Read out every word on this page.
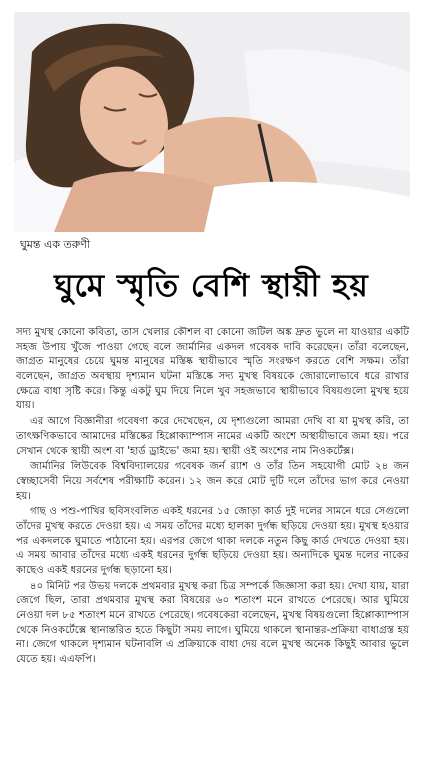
ঘুমন্ত এক তরুণী
ঘুমে স্মৃতি বেশি স্থায়ী হয়

সদ্য মুখস্থ কোনো কবিতা, তাস খেলার কৌশল বা কোনো জটিল অঙ্ক দ্রুত ভুলে না যাওয়ার একটি সহজ উপায় খুঁজে পাওয়া গেছে বলে জার্মানির একদল গবেষক দাবি করেছেন। তাঁরা বলেছেন, জাগ্রত মানুষের চেয়ে ঘুমন্ত মানুষের মস্তিষ্ক স্থায়ীভাবে স্মৃতি সংরক্ষণ করতে বেশি সক্ষম। তাঁরা বলেছেন, জাগ্রত অবস্থায় দৃশ্যমান ঘটনা মস্তিষ্কে সদ্য মুখস্থ বিষয়কে জোরালোভাবে ধরে রাখার ক্ষেত্রে বাধা সৃষ্টি করে। কিন্তু একটু ঘুম দিয়ে নিলে খুব সহজভাবে স্থায়ীভাবে বিষয়গুলো মুখস্থ হয়ে যায়।

এর আগে বিজ্ঞানীরা গবেষণা করে দেখেছেন, যে দৃশ্যগুলো আমরা দেখি বা যা মুখস্থ করি, তা তাৎক্ষণিকভাবে আমাদের মস্তিষ্কের হিপ্পোক্যাম্পাস নামের একটি অংশে অস্থায়ীভাবে জমা হয়। পরে সেখান থেকে স্থায়ী অংশ বা 'হার্ড ড্রাইভে' জমা হয়। স্থায়ী ওই অংশের নাম নিওকর্টেক্স।

জার্মানির লিউবেক বিশ্ববিদ্যালয়ের গবেষক জর্ন র‍্যাশ ও তাঁর তিন সহযোগী মোট ২৪ জন স্বেচ্ছাসেবী নিয়ে সর্বশেষ পরীক্ষাটি করেন। ১২ জন করে মোট দুটি দলে তাঁদের ভাগ করে নেওয়া হয়।

গাছ ও পশু-পাখির ছবিসংবলিত একই ধরনের ১৫ জোড়া কার্ড দুই দলের সামনে ধরে সেগুলো তাঁদের মুখস্থ করতে দেওয়া হয়। এ সময় তাঁদের মধ্যে হালকা দুর্গন্ধ ছড়িয়ে দেওয়া হয়। মুখস্থ হওয়ার পর একদলকে ঘুমাতে পাঠানো হয়। এরপর জেগে থাকা দলকে নতুন কিছু কার্ড দেখতে দেওয়া হয়। এ সময় আবার তাঁদের মধ্যে একই ধরনের দুর্গন্ধ ছড়িয়ে দেওয়া হয়। অন্যদিকে ঘুমন্ত দলের নাকের কাছেও একই ধরনের দুর্গন্ধ ছড়ানো হয়।

৪০ মিনিট পর উভয় দলকে প্রথমবার মুখস্থ করা চিত্র সম্পর্কে জিজ্ঞাসা করা হয়। দেখা যায়, যারা জেগে ছিল, তারা প্রথমবার মুখস্থ করা বিষয়ের ৬০ শতাংশ মনে রাখতে পেরেছে। আর ঘুমিয়ে নেওয়া দল ৮৫ শতাংশ মনে রাখতে পেরেছে। গবেষকেরা বলেছেন, মুখস্থ বিষয়গুলো হিপ্পোক্যাম্পাস থেকে নিওকর্টেক্সে স্থানান্তরিত হতে কিছুটা সময় লাগে। ঘুমিয়ে থাকলে স্থানান্তর-প্রক্রিয়া বাধাগ্রস্ত হয় না। জেগে থাকলে দৃশ্যমান ঘটনাবলি এ প্রক্রিয়াকে বাধা দেয় বলে মুখস্থ অনেক কিছুই আবার ভুলে যেতে হয়। এএফপি।
